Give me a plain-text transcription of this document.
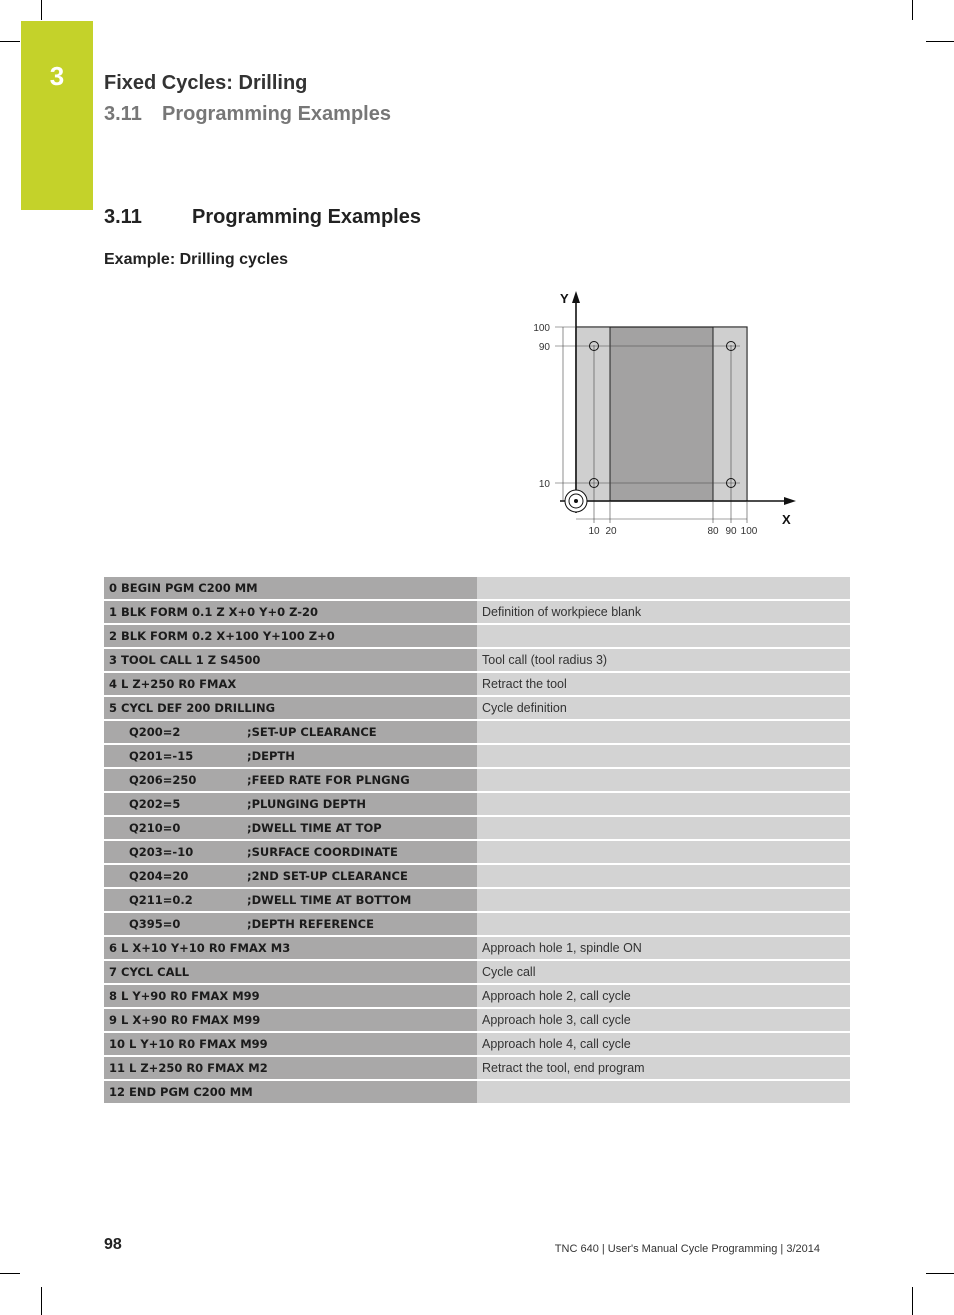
3	Fixed Cycles: Drilling
3.11 Programming Examples
3.11	Programming Examples
Example: Drilling cycles
Y
X
100
90
10
10 20	80 90 100
0 BEGIN PGM C200 MM	
1 BLK FORM 0.1 Z X+0 Y+0 Z-20	Definition of workpiece blank
2 BLK FORM 0.2 X+100 Y+100 Z+0	
3 TOOL CALL 1 Z S4500	Tool call (tool radius 3)
4 L Z+250 R0 FMAX	Retract the tool
5 CYCL DEF 200 DRILLING	Cycle definition
Q200=2 ;SET-UP CLEARANCE	
Q201=-15 ;DEPTH	
Q206=250 ;FEED RATE FOR PLNGNG	
Q202=5 ;PLUNGING DEPTH	
Q210=0 ;DWELL TIME AT TOP	
Q203=-10 ;SURFACE COORDINATE	
Q204=20 ;2ND SET-UP CLEARANCE	
Q211=0.2 ;DWELL TIME AT BOTTOM	
Q395=0 ;DEPTH REFERENCE	
6 L X+10 Y+10 R0 FMAX M3	Approach hole 1, spindle ON
7 CYCL CALL	Cycle call
8 L Y+90 R0 FMAX M99	Approach hole 2, call cycle
9 L X+90 R0 FMAX M99	Approach hole 3, call cycle
10 L Y+10 R0 FMAX M99	Approach hole 4, call cycle
11 L Z+250 R0 FMAX M2	Retract the tool, end program
12 END PGM C200 MM	
98	TNC 640 | User's Manual Cycle Programming | 3/2014
